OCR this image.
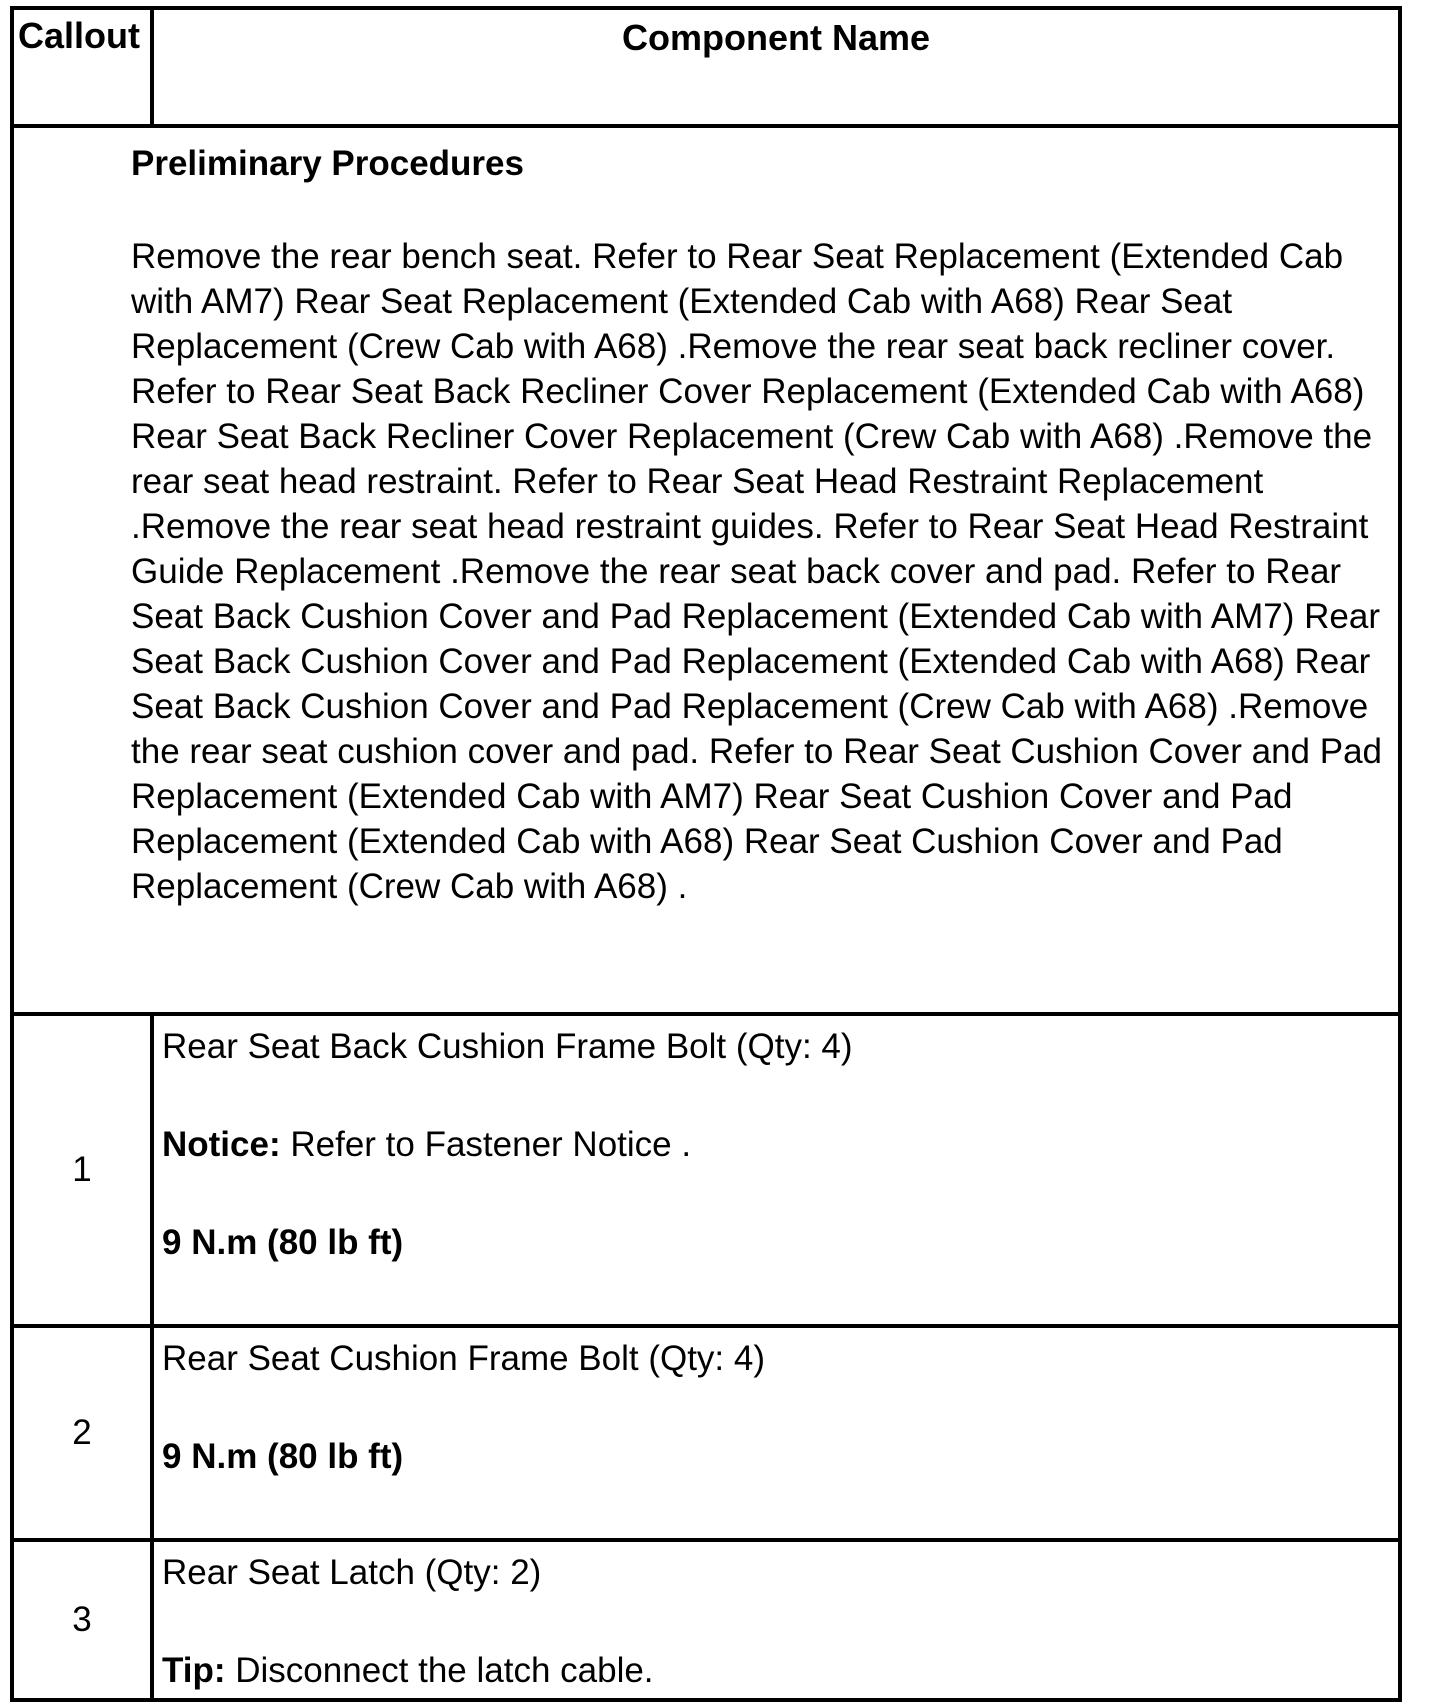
Callout	Component Name

Preliminary Procedures

Remove the rear bench seat. Refer to Rear Seat Replacement (Extended Cab with AM7) Rear Seat Replacement (Extended Cab with A68) Rear Seat Replacement (Crew Cab with A68) .Remove the rear seat back recliner cover. Refer to Rear Seat Back Recliner Cover Replacement (Extended Cab with A68) Rear Seat Back Recliner Cover Replacement (Crew Cab with A68) .Remove the rear seat head restraint. Refer to Rear Seat Head Restraint Replacement .Remove the rear seat head restraint guides. Refer to Rear Seat Head Restraint Guide Replacement .Remove the rear seat back cover and pad. Refer to Rear Seat Back Cushion Cover and Pad Replacement (Extended Cab with AM7) Rear Seat Back Cushion Cover and Pad Replacement (Extended Cab with A68) Rear Seat Back Cushion Cover and Pad Replacement (Crew Cab with A68) .Remove the rear seat cushion cover and pad. Refer to Rear Seat Cushion Cover and Pad Replacement (Extended Cab with AM7) Rear Seat Cushion Cover and Pad Replacement (Extended Cab with A68) Rear Seat Cushion Cover and Pad Replacement (Crew Cab with A68) .

1

Rear Seat Back Cushion Frame Bolt (Qty: 4)

Notice: Refer to Fastener Notice .

9 N.m (80 lb ft)

2

Rear Seat Cushion Frame Bolt (Qty: 4)

9 N.m (80 lb ft)

3

Rear Seat Latch (Qty: 2)

Tip: Disconnect the latch cable.
